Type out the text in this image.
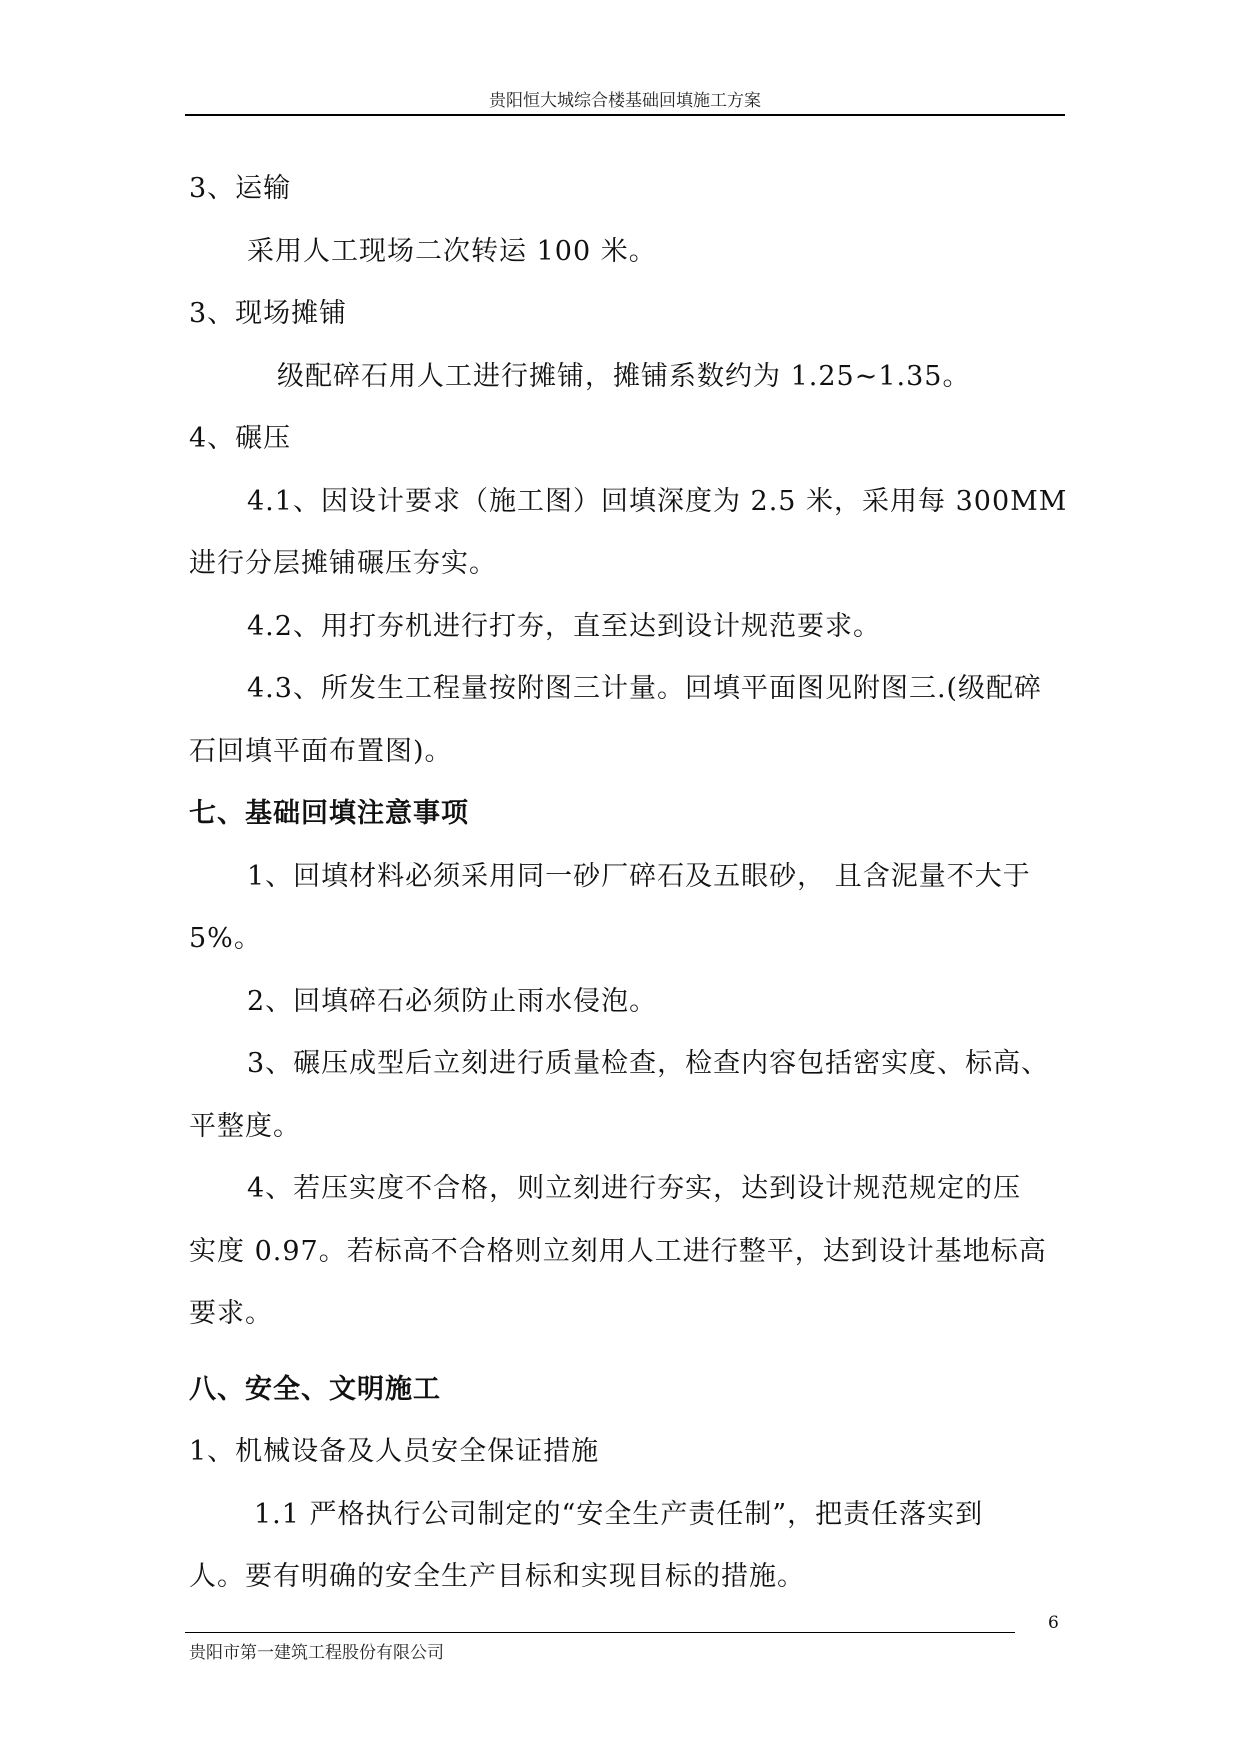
贵阳恒大城综合楼基础回填施工方案
3、运输
采用人工现场二次转运 100 米。
3、现场摊铺
级配碎石用人工进行摊铺，摊铺系数约为 1.25~1.35。
4、碾压
4.1、因设计要求（施工图）回填深度为 2.5 米，采用每 300MM
进行分层摊铺碾压夯实。
4.2、用打夯机进行打夯，直至达到设计规范要求。
4.3、所发生工程量按附图三计量。回填平面图见附图三.(级配碎
石回填平面布置图)。
七、基础回填注意事项
1、回填材料必须采用同一砂厂碎石及五眼砂， 且含泥量不大于
5%。
2、回填碎石必须防止雨水侵泡。
3、碾压成型后立刻进行质量检查，检查内容包括密实度、标高、
平整度。
4、若压实度不合格，则立刻进行夯实，达到设计规范规定的压
实度 0.97。若标高不合格则立刻用人工进行整平，达到设计基地标高
要求。
八、安全、文明施工
1、机械设备及人员安全保证措施
1.1 严格执行公司制定的“安全生产责任制”，把责任落实到
人。要有明确的安全生产目标和实现目标的措施。
6
贵阳市第一建筑工程股份有限公司
